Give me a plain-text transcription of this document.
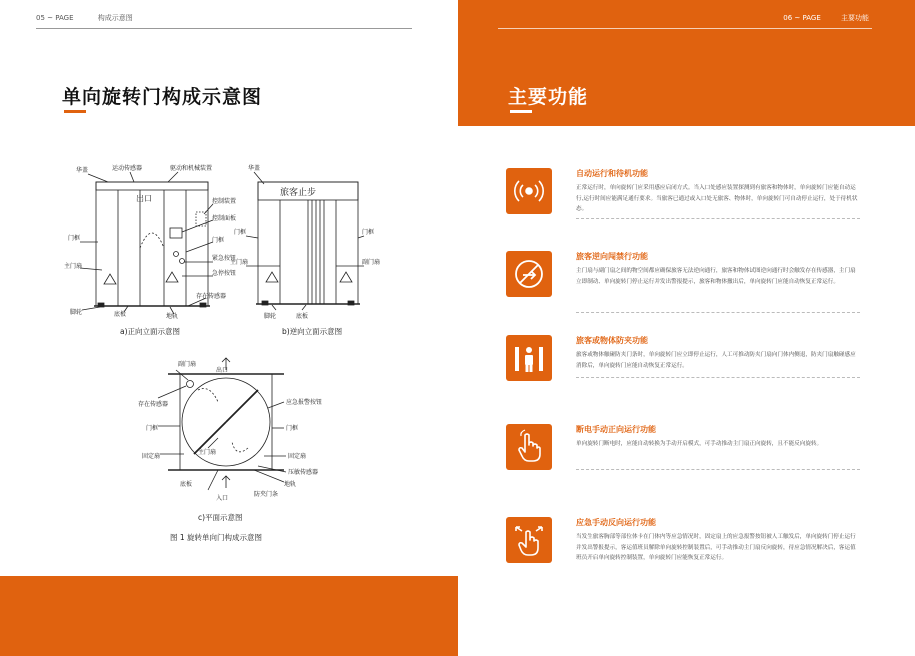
05 ~ PAGE	构成示意图
单向旋转门构成示意图
华盖	运动传感器	驱动和机械装置
出口	控制装置
控制面板
门框
紧急按钮
门框
急停按钮
主门扇
存在传感器
脚轮	底板	地轨
a)正向立面示意图
华盖
旅客止步
门框	门框
主门扇	副门扇
脚轮	底板
b)逆向立面示意图
副门扇
出口
存在传感器	应急报警按钮
门框	门框
主门扇
固定扇	固定扇
压敏传感器
地轨
底板
防夹门条
入口
c)平面示意图
图 1 旋转单向门构成示意图
06 ~ PAGE	主要功能
主要功能
自动运行和待机功能
正常运行时，单向旋转门应采用感应启闭方式。当入口处感应装置探测到有旅客和物体时，单向旋转门应能自动运行,运行时间应能满足通行要求。当旅客已通过或入口处无旅客、物体时，单向旋转门可自动停止运行，处于待机状态。
旅客逆向闯禁行功能
主门扇与副门扇之间的物空间都应确保旅客无法逆向通行，旅客和物体试图逆向通行时会触发存在传感器，主门扇立即制动、单向旋转门停止运行并发出警报提示，旅客和物体撤出后，单向旋转门应能自动恢复正常运行。
旅客或物体防夹功能
旅客或物体触碰防夹门条时，单向旋转门应立即停止运行，人工可推动防夹门扇向门体内侧退，防夹门扇触碰感应消除后，单向旋转门应能自动恢复正常运行。
断电手动正向运行功能
单向旋转门断电时，应能自动转换为手动开启模式，可手动推动主门扇正向旋转，且不能反向旋转。
应急手动反向运行功能
当发生旅客胸部等部位体卡在门体内等应急情况时，固定扇上的应急报警按钮被人工触发后，单向旋转门停止运行并发出警报提示，客运值班员解除单向旋转控制装置后，可手动推动主门扇反向旋转，待应急情况解决后，客运值班员开启单向旋转控制装置，单向旋转门应能恢复正常运行。
